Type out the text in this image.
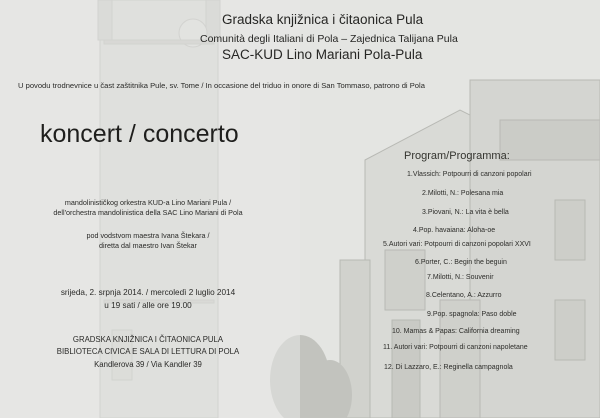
Gradska knjižnica i čitaonica Pula
Comunità degli Italiani di Pola – Zajednica Talijana Pula
SAC-KUD Lino Mariani Pola-Pula
U povodu trodnevnice u čast zaštitnika Pule, sv. Tome / In occasione del triduo in onore di San Tommaso, patrono di Pola
koncert / concerto
mandolinističkog orkestra KUD-a Lino Mariani Pula /
dell'orchestra mandolinistica della SAC Lino Mariani di Pola
pod vodstvom maestra Ivana Štekara /
diretta dal maestro Ivan Štekar
srijeda, 2. srpnja 2014. / mercoledì 2 luglio 2014
u 19 sati / alle ore 19.00
GRADSKA KNJIŽNICA I ČITAONICA PULA
BIBLIOTECA CIVICA E SALA DI LETTURA DI POLA
Kandlerova 39 / Via Kandler 39
Program/Programma:
1.Vlassich: Potpourri di canzoni popolari
2.Milotti, N.: Polesana mia
3.Piovani, N.: La vita è bella
4.Pop. havaiana: Aloha-oe
5.Autori vari: Potpourri di canzoni popolari XXVI
6.Porter, C.: Begin the beguin
7.Milotti, N.: Souvenir
8.Celentano, A.: Azzurro
9.Pop. spagnola: Paso doble
10. Mamas & Papas: California dreaming
11. Autori vari: Potpourri di canzoni napoletane
12. Di Lazzaro, E.: Reginella campagnola
